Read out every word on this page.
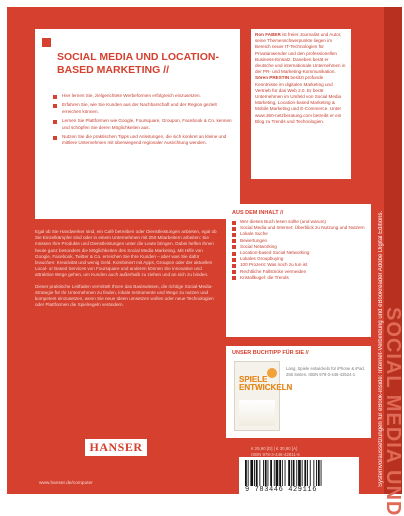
SOCIAL MEDIA UND LOCATION-BASED MARKETING //
Hier lernen Sie, zielgerichtete Werbeformen erfolgreich einzusetzen.
Erfahren Sie, wie Sie Kunden aus der Nachbarschaft und der Region gezielt erreichen können.
Lernen Sie Plattformen wie Google, Foursquare, Groupon, Facebook & Co. kennen und schöpfen Sie deren Möglichkeiten aus.
Nutzen Sie die praktischen Tipps und Anleitungen, die sich konkret an kleine und mittlere Unternehmen mit überwiegend regionaler Ausrichtung wenden.
Ron FABER ist freier Journalist und Autor, seine Themenschwerpunkte liegen im Bereich neuer IT-Technologien für Privatanwender und den professionellen Business-Einsatz. Daneben berät er deutsche und internationale Unternehmen in der PR- und Marketing-Kommunikation. Sören PRESTIN besitzt profunde Kenntnisse im digitalen Marketing und Vertrieb für das Web 2.0. Er berät Unternehmen im Umfeld von Social Media Marketing, Location-based Marketing & Mobile Marketing und E-Commerce. Unter www.360-netzberatung.com betreibt er ein Blog zu Trends und Technologien.

Egal ob Sie Handwerker sind, ein Café betreiben oder Dienstleistungen anbieten, egal ob Sie Einzelkämpfer sind oder in einem Unternehmen mit 250 Mitarbeitern arbeiten: Sie müssen Ihre Produkte und Dienstleistungen unter die Leute bringen. Dabei helfen Ihnen heute ganz besonders die Möglichkeiten des Social Media Marketing. Mit Hilfe von Google, Facebook, Twitter & Co. erreichen Sie Ihre Kunden – aber was Sie dafür brauchen: Kreativität und wenig Geld. Kombiniert mit Apps, Groupon oder der aktuellen Local- or Based Services von Foursquare und anderen können Sie innovative und attraktive Wege gehen, um Kunden auch außerhalb zu ziehen und an sich zu binden.

Dieser praktische Leitfaden vermittelt Ihnen das Basiswissen, die richtige Social-Media-Strategie für Ihr Unternehmen zu finden, lokale Instrumente und Wege zu nutzen und kompetent einzusetzen, wenn Sie neue Ideen umsetzen wollen oder neue Technologien oder Plattformen die Spielregeln verändern.

AUS DEM INHALT //
Wer dieses Buch lesen sollte (und warum)
Social Media und Internet: Überblick zu Nutzung und Nutzern
Lokale Suche
Bewertungen
Social Networking
Location-based Social Networking
Lokales Groupbuying
100 Prozent: Was noch zu tun ist
Rechtliche Fallstricke vermeiden
Kristallkugel: die Trends
UNSER BUCHTIPP FÜR SIE //
SPIELE
ENTWICKELN
Lang, Spiele entwickeln für iPhone & iPad. 256 Seiten. ISBN 978-3-446-42524-1
HANSER	€ 29,90 [D] | € 30,80 [A]
ISBN 978-3-446-42911-6
9 783446 429116
www.hanser.de/computer	Systemvoraussetzungen für eBook-inside: Internet-Verbindung und eBookreader Adobe Digital Editions.
SOCIAL MEDIA UND
